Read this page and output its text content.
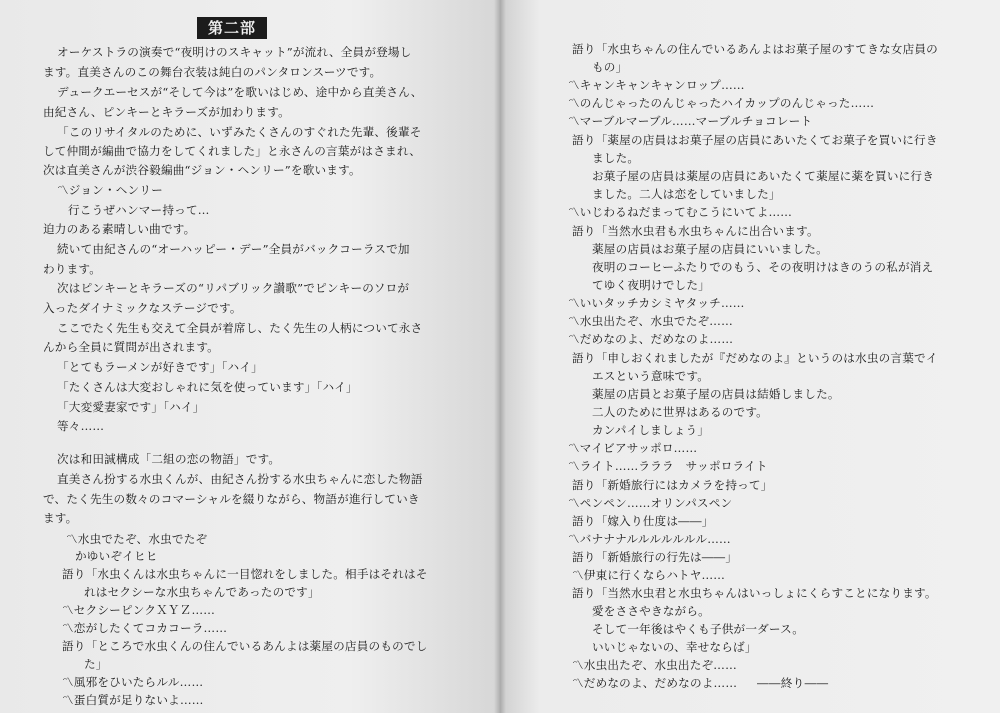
第二部
オーケストラの演奏で“夜明けのスキャット”が流れ、全員が登場し
ます。直美さんのこの舞台衣装は純白のパンタロンスーツです。
デュークエーセスが“そして今は”を歌いはじめ、途中から直美さん、
由紀さん、ピンキーとキラーズが加わります。
「このリサイタルのために、いずみたくさんのすぐれた先輩、後輩そ
して仲間が編曲で協力をしてくれました」と永さんの言葉がはさまれ、
次は直美さんが渋谷毅編曲“ジョン・ヘンリー”を歌います。
〽ジョン・ヘンリー
行こうぜハンマー持って…
迫力のある素晴しい曲です。
続いて由紀さんの“オーハッピー・デー”全員がバックコーラスで加
わります。
次はピンキーとキラーズの“リパブリック讃歌”でピンキーのソロが
入ったダイナミックなステージです。
ここでたく先生も交えて全員が着席し、たく先生の人柄について永さ
んから全員に質問が出されます。
「とてもラーメンが好きです」「ハイ」
「たくさんは大変おしゃれに気を使っています」「ハイ」
「大変愛妻家です」「ハイ」
等々……
次は和田誠構成「二組の恋の物語」です。
直美さん扮する水虫くんが、由紀さん扮する水虫ちゃんに恋した物語
で、たく先生の数々のコマーシャルを綴りながら、物語が進行していき
ます。
〽水虫でたぞ、水虫でたぞ
かゆいぞイヒヒ
語り「水虫くんは水虫ちゃんに一目惚れをしました。相手はそれはそ
れはセクシーな水虫ちゃんであったのです」
〽セクシーピンクＸＹＺ……
〽恋がしたくてコカコーラ……
語り「ところで水虫くんの住んでいるあんよは薬屋の店員のものでし
た」
〽風邪をひいたらルル……
〽蛋白質が足りないよ……
語り「水虫ちゃんの住んでいるあんよはお菓子屋のすてきな女店員の
もの」
〽キャンキャンキャンロップ……
〽のんじゃったのんじゃったハイカップのんじゃった……
〽マーブルマーブル……マーブルチョコレート
語り「薬屋の店員はお菓子屋の店員にあいたくてお菓子を買いに行き
ました。
お菓子屋の店員は薬屋の店員にあいたくて薬屋に薬を買いに行き
ました。二人は恋をしていました」
〽いじわるねだまってむこうにいてよ……
語り「当然水虫君も水虫ちゃんに出合います。
薬屋の店員はお菓子屋の店員にいいました。
夜明のコーヒーふたりでのもう、その夜明けはきのうの私が消え
てゆく夜明けでした」
〽いいタッチカシミヤタッチ……
〽水虫出たぞ、水虫でたぞ……
〽だめなのよ、だめなのよ……
語り「申しおくれましたが『だめなのよ』というのは水虫の言葉でイ
エスという意味です。
薬屋の店員とお菓子屋の店員は結婚しました。
二人のために世界はあるのです。
カンパイしましょう」
〽マイビアサッポロ……
〽ライト……ラララ　サッポロライト
語り「新婚旅行にはカメラを持って」
〽ペンペン……オリンパスペン
語り「嫁入り仕度は――」
〽バナナナルルルルルルル……
語り「新婚旅行の行先は――」
〽伊東に行くならハトヤ……
語り「当然水虫君と水虫ちゃんはいっしょにくらすことになります。
愛をささやきながら。
そして一年後はやくも子供が一ダース。
いいじゃないの、幸せならば」
〽水虫出たぞ、水虫出たぞ……
〽だめなのよ、だめなのよ…… ――終り――
